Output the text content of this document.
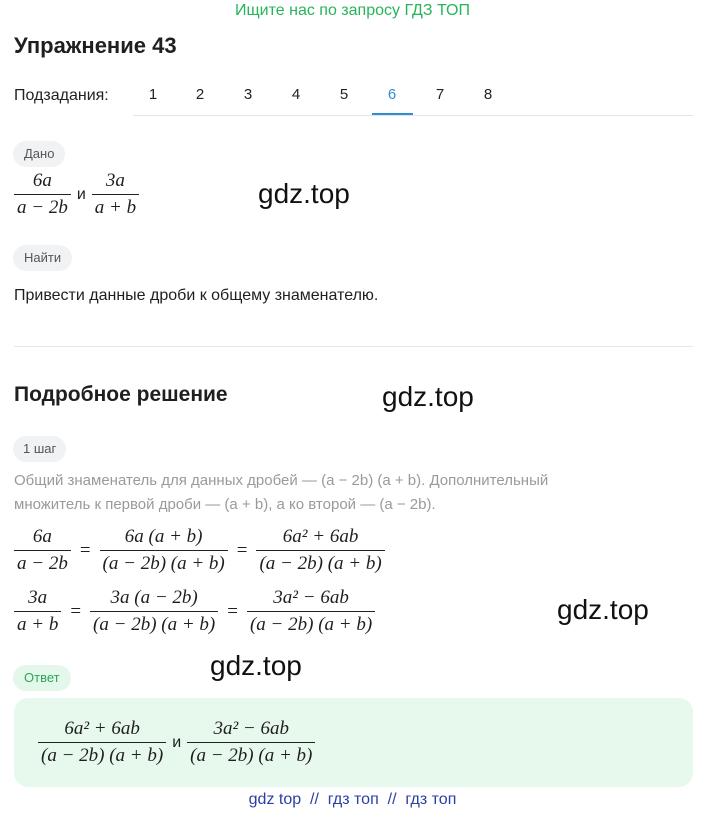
Ищите нас по запросу ГДЗ ТОП
Упражнение 43
Подзадания:	1	2	3	4	5	6	7	8
Дано
$\frac{6a}{a - 2b}$ и $\frac{3a}{a + b}$
Найти
Привести данные дроби к общему знаменателю.
Подробное решение
1 шаг
Общий знаменатель для данных дробей — (a − 2b) (a + b). Дополнительный
множитель к первой дроби — (a + b), а ко второй — (a − 2b).
$\frac{6a}{a - 2b} = \frac{6a (a + b)}{(a - 2b) (a + b)} = \frac{\text{6a² + 6ab}}{(a - 2b) (a + b)}$
$\frac{3a}{a + b} = \frac{3a (a - 2b)}{(a - 2b) (a + b)} = \frac{\text{3a² − 6ab}}{(a - 2b) (a + b)}$
Ответ
$\frac{\text{6a² + 6ab}}{(a - 2b) (a + b)}$ и $\frac{\text{3a² − 6ab}}{(a - 2b) (a + b)}$
gdz.top
gdz.top
gdz.top
gdz.top
gdz top  //  гдз топ  //  гдз топ
